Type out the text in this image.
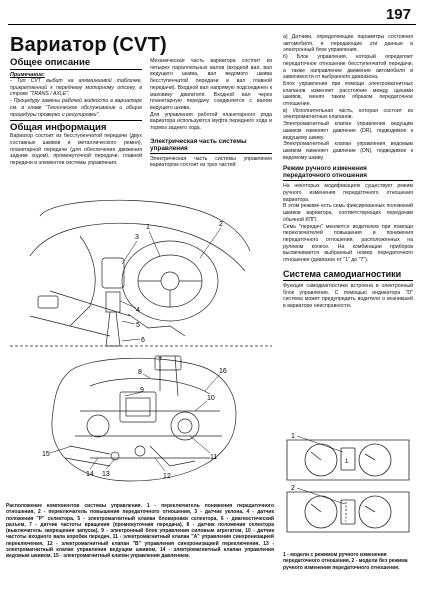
197
Вариатор (CVT)
Общее описание
Примечание:
- Тип CVT выбит на алюминиевой табличке, прикрепленной к переднему моторному отсеку, в строке "TRANS / AXLE".
- Процедуру замены рабочей жидкости в вариаторе см. в главе "Техническое обслуживание и общие процедуры проверки и регулировки".
Общая информация
Вариатор состоит из бесступенчатой передачи (двух составных шкивов и металлического ремня), планетарной передачи (для обеспечения движения задним ходом), промежуточной передачи, главной передачи и элементов системы управления.
Механическая часть вариатора состоит из четырех параллельных валов (входной вал, вал ведущего шкива, вал ведомого шкива бесступенчатой передачи и вал главной передачи). Входной вал напрямую подсоединен к маховику двигателя. Входной вал через планетарную передачу соединяется с валом ведущего шкива.
Для управления работой планетарного ряда вариатора используются муфта переднего хода и тормоз заднего хода.
Электрическая часть системы управления
Электрическая часть системы управления вариатором состоит из трех частей:
а) Датчики, определяющие параметры состояния автомобиля, и передающие эти данные в электронный блок управления.
б) Блок управления, который определяет передаточное отношение бесступенчатой передачи, а также направление движения автомобиля в зависимости от выбранного диапазона.
Блок управления при помощи электромагнитных клапанов изменяет расстояние между щеками шкивов, меняя таким образом передаточное отношение.
в) Исполнительная часть, которая состоит из электромагнитных клапанов.
Электромагнитный клапан управления ведущим шкивом изменяет давление (DR), подводимое к ведущему шкиву.
Электромагнитный клапан управления ведомым шкивом изменяет давление (DN), подводимое к ведомому шкиву.
Режим ручного изменения передаточного отношения
На некоторых модификациях существует режим ручного изменения передаточного отношения вариатора.
В этом режиме есть семь фиксированных положений шкивов вариатора, соответствующих передачам обычной КПП.
Семь "передач" меняются водителем при помощи переключателей повышения и понижения передаточного отношения, расположенных на рулевом колесе. На комбинации приборов высвечивается выбранный номер передаточного отношения (диапазон от "1" до "7").
Система самодиагностики
Функция самодиагностики встроена в электронный блок управления. С помощью индикатора "D" система может предупредить водителя о возникшей в вариаторе неисправности.
1	2
3
4
5
6
7
8
9
10
11
12
13
14
15
16
Расположение компонентов системы управления. 1 - переключатель понижения передаточного отношения, 2 - переключатель повышения передаточного отношения, 3 - датчик уклона, 4 - датчик положения "P" селектора, 5 - электромагнитный клапан блокировки селектора, 6 - диагностический разъем, 7 - датчик частоты вращения (промежуточная передача), 8 - датчик положения селектора (выключатель запрещения запуска), 9 - электронный блок управления силовым агрегатом, 10 - датчик частоты входного вала коробки передач, 11 - электромагнитный клапан "A" управления синхронизацией переключения, 12 - электромагнитный клапан "B" управления синхронизацией переключения, 13 - электромагнитный клапан управления ведущим шкивом, 14 - электромагнитный клапан управления ведомым шкивом, 15 - электромагнитный клапан управления давлением.
1
P
R
N
D
S
L
1
2
1 - модели с режимом ручного изменения передаточного отношения, 2 - модели без режима ручного изменения передаточного отношения.
